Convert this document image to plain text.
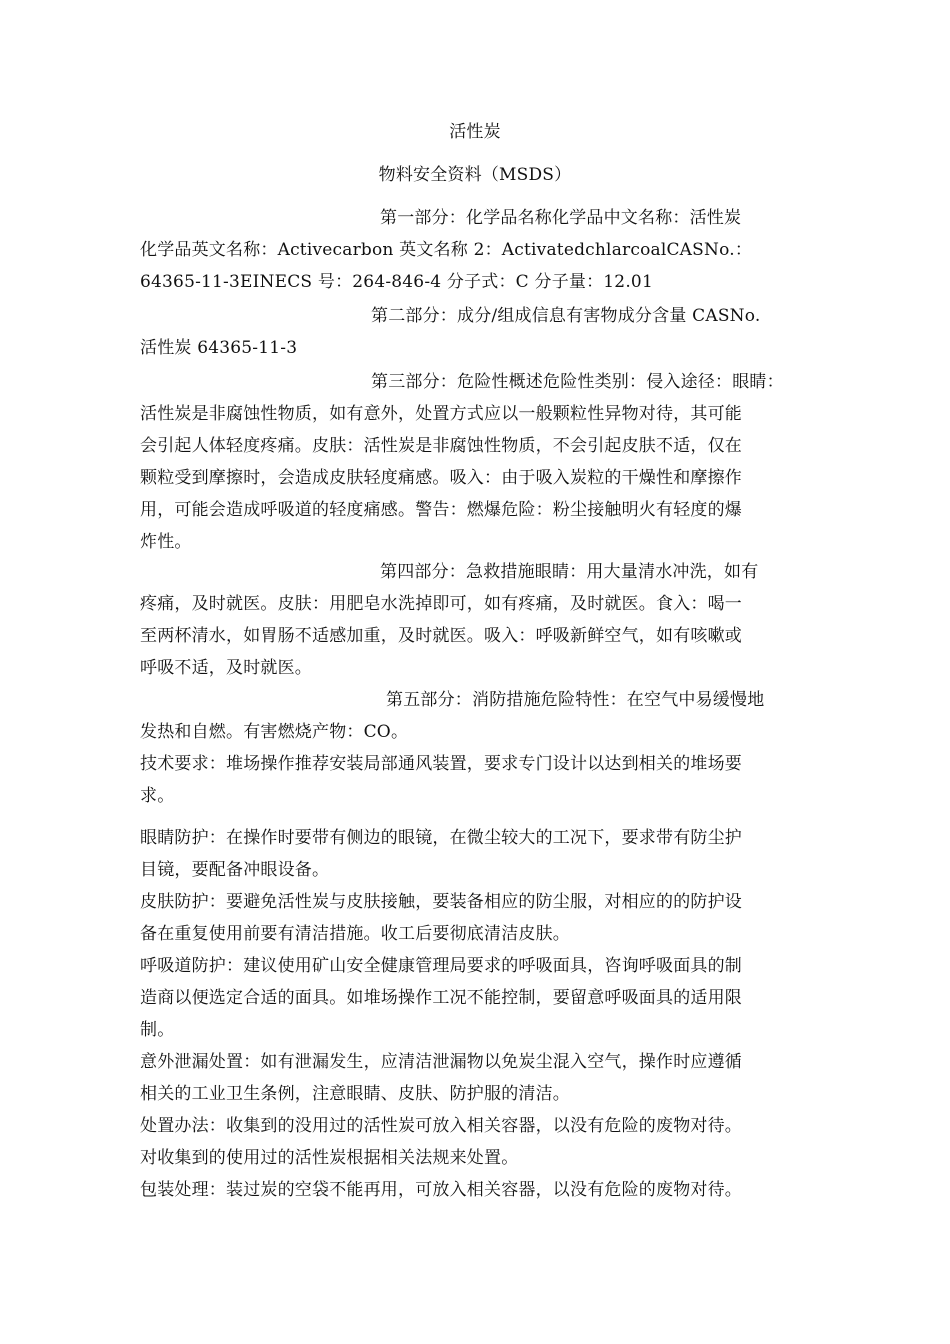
活性炭
物料安全资料（MSDS）
第一部分：化学品名称化学品中文名称：活性炭
化学品英文名称：Activecarbon 英文名称 2：ActivatedchlarcoalCASNo.：
64365-11-3EINECS 号：264-846-4 分子式：C 分子量：12.01
第二部分：成分/组成信息有害物成分含量 CASNo.
活性炭 64365-11-3
第三部分：危险性概述危险性类别：侵入途径：眼睛：
活性炭是非腐蚀性物质，如有意外，处置方式应以一般颗粒性异物对待，其可能
会引起人体轻度疼痛。皮肤：活性炭是非腐蚀性物质，不会引起皮肤不适，仅在
颗粒受到摩擦时，会造成皮肤轻度痛感。吸入：由于吸入炭粒的干燥性和摩擦作
用，可能会造成呼吸道的轻度痛感。警告：燃爆危险：粉尘接触明火有轻度的爆
炸性。
第四部分：急救措施眼睛：用大量清水冲洗，如有
疼痛，及时就医。皮肤：用肥皂水洗掉即可，如有疼痛，及时就医。食入：喝一
至两杯清水，如胃肠不适感加重，及时就医。吸入：呼吸新鲜空气，如有咳嗽或
呼吸不适，及时就医。
第五部分：消防措施危险特性：在空气中易缓慢地
发热和自燃。有害燃烧产物：CO。
技术要求：堆场操作推荐安装局部通风装置，要求专门设计以达到相关的堆场要
求。
眼睛防护：在操作时要带有侧边的眼镜，在微尘较大的工况下，要求带有防尘护
目镜，要配备冲眼设备。
皮肤防护：要避免活性炭与皮肤接触，要装备相应的防尘服，对相应的的防护设
备在重复使用前要有清洁措施。收工后要彻底清洁皮肤。
呼吸道防护：建议使用矿山安全健康管理局要求的呼吸面具，咨询呼吸面具的制
造商以便选定合适的面具。如堆场操作工况不能控制，要留意呼吸面具的适用限
制。
意外泄漏处置：如有泄漏发生，应清洁泄漏物以免炭尘混入空气，操作时应遵循
相关的工业卫生条例，注意眼睛、皮肤、防护服的清洁。
处置办法：收集到的没用过的活性炭可放入相关容器，以没有危险的废物对待。
对收集到的使用过的活性炭根据相关法规来处置。
包装处理：装过炭的空袋不能再用，可放入相关容器，以没有危险的废物对待。
